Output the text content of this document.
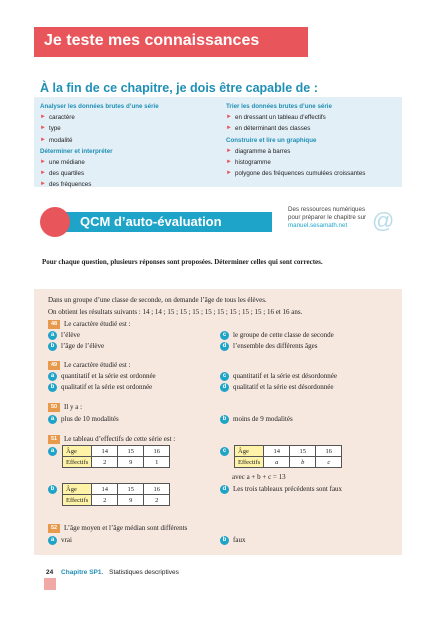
Je teste mes connaissances
À la fin de ce chapitre, je dois être capable de :
Analyser les données brutes d’une série
► caractère
► type
► modalité
Déterminer et interpréter
► une médiane
► des quartiles
► des fréquences
Trier les données brutes d’une série
► en dressant un tableau d’effectifs
► en déterminant des classes
Construire et lire un graphique
► diagramme à barres
► histogramme
► polygone des fréquences cumulées croissantes
QCM d’auto-évaluation
Des ressources numériques
pour préparer le chapitre sur
manuel.sesamath.net	@
Pour chaque question, plusieurs réponses sont proposées. Déterminer celles qui sont correctes.
Dans un groupe d’une classe de seconde, on demande l’âge de tous les élèves.
On obtient les résultats suivants : 14 ; 14 ; 15 ; 15 ; 15 ; 15 ; 15 ; 15 ; 15 ; 15 ; 16 et 16 ans.
48 Le caractère étudié est :
a l’élève	c le groupe de cette classe de seconde
b l’âge de l’élève	d l’ensemble des différents âges
49 Le caractère étudié est :
a quantitatif et la série est ordonnée	c quantitatif et la série est désordonnée
b qualitatif et la série est ordonnée	d qualitatif et la série est désordonnée
50 Il y a :
a plus de 10 modalités	b moins de 9 modalités
51 Le tableau d’effectifs de cette série est :
a	Âge	14	15	16
Effectifs	2	9	1
c	Âge	14	15	16
Effectifs	a	b	c
avec a + b + c = 13
b	Âge	14	15	16
Effectifs	2	9	2
d Les trois tableaux précédents sont faux
52 L’âge moyen et l’âge médian sont différents
a vrai	b faux
24 Chapitre SP1. Statistiques descriptives
